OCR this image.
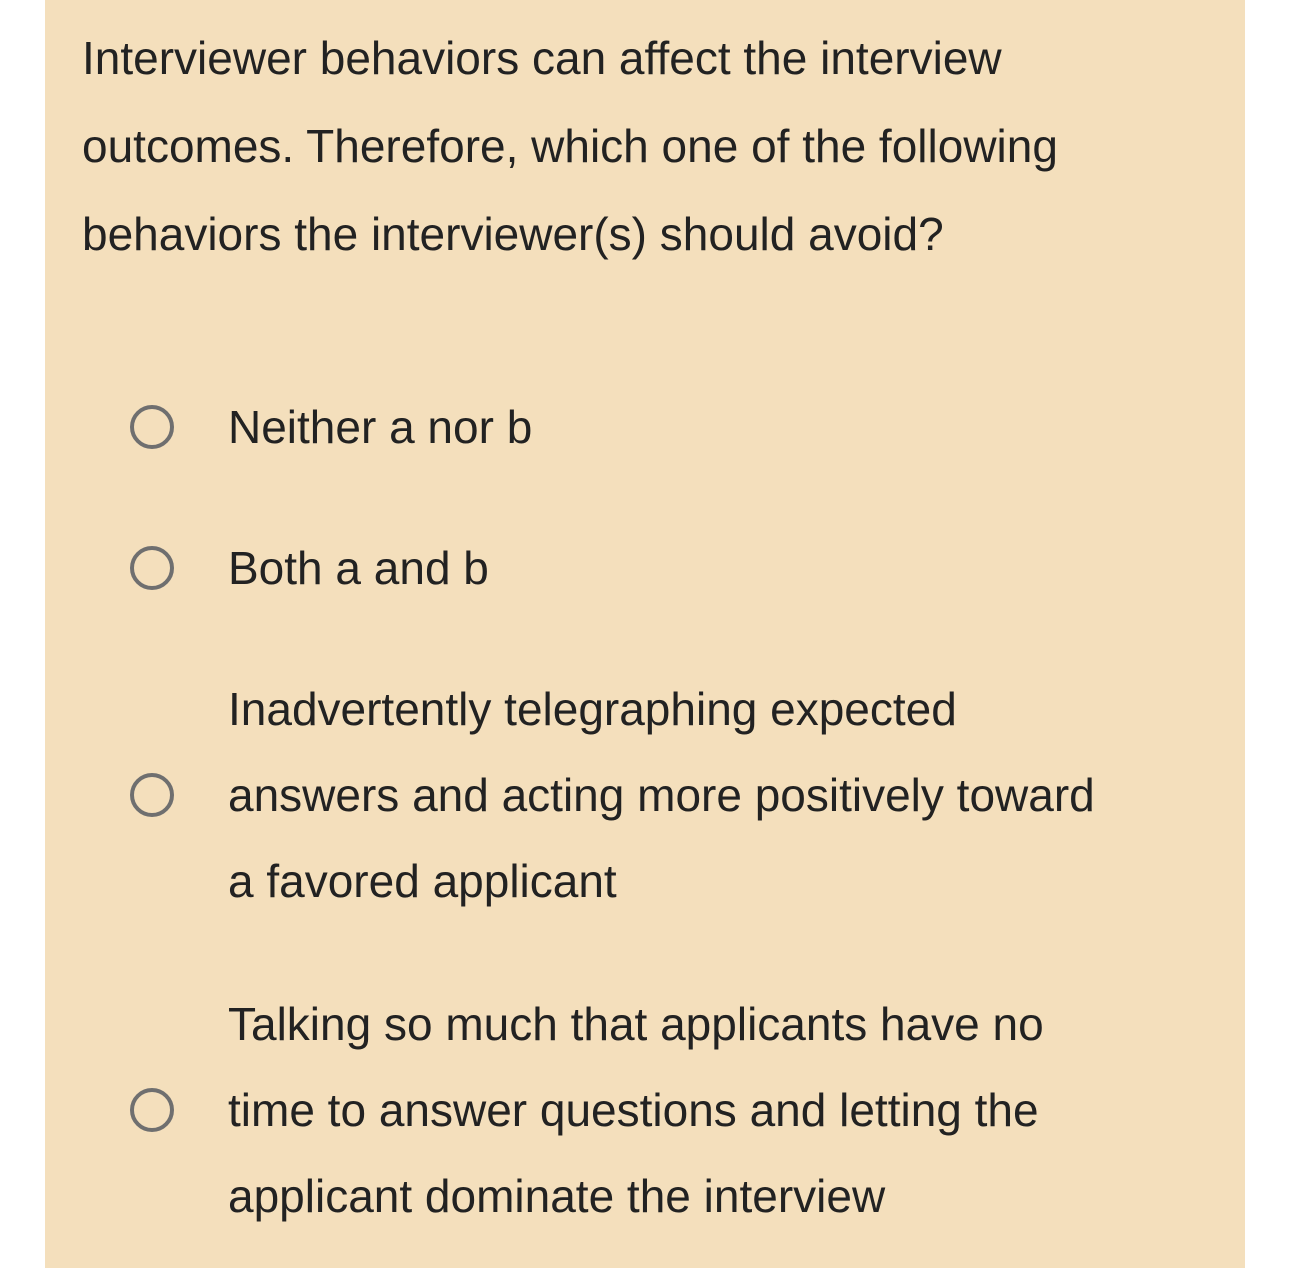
Interviewer behaviors can affect the interview outcomes. Therefore, which one of the following behaviors the interviewer(s) should avoid?

Neither a nor b
Both a and b
Inadvertently telegraphing expected answers and acting more positively toward a favored applicant
Talking so much that applicants have no time to answer questions and letting the applicant dominate the interview
